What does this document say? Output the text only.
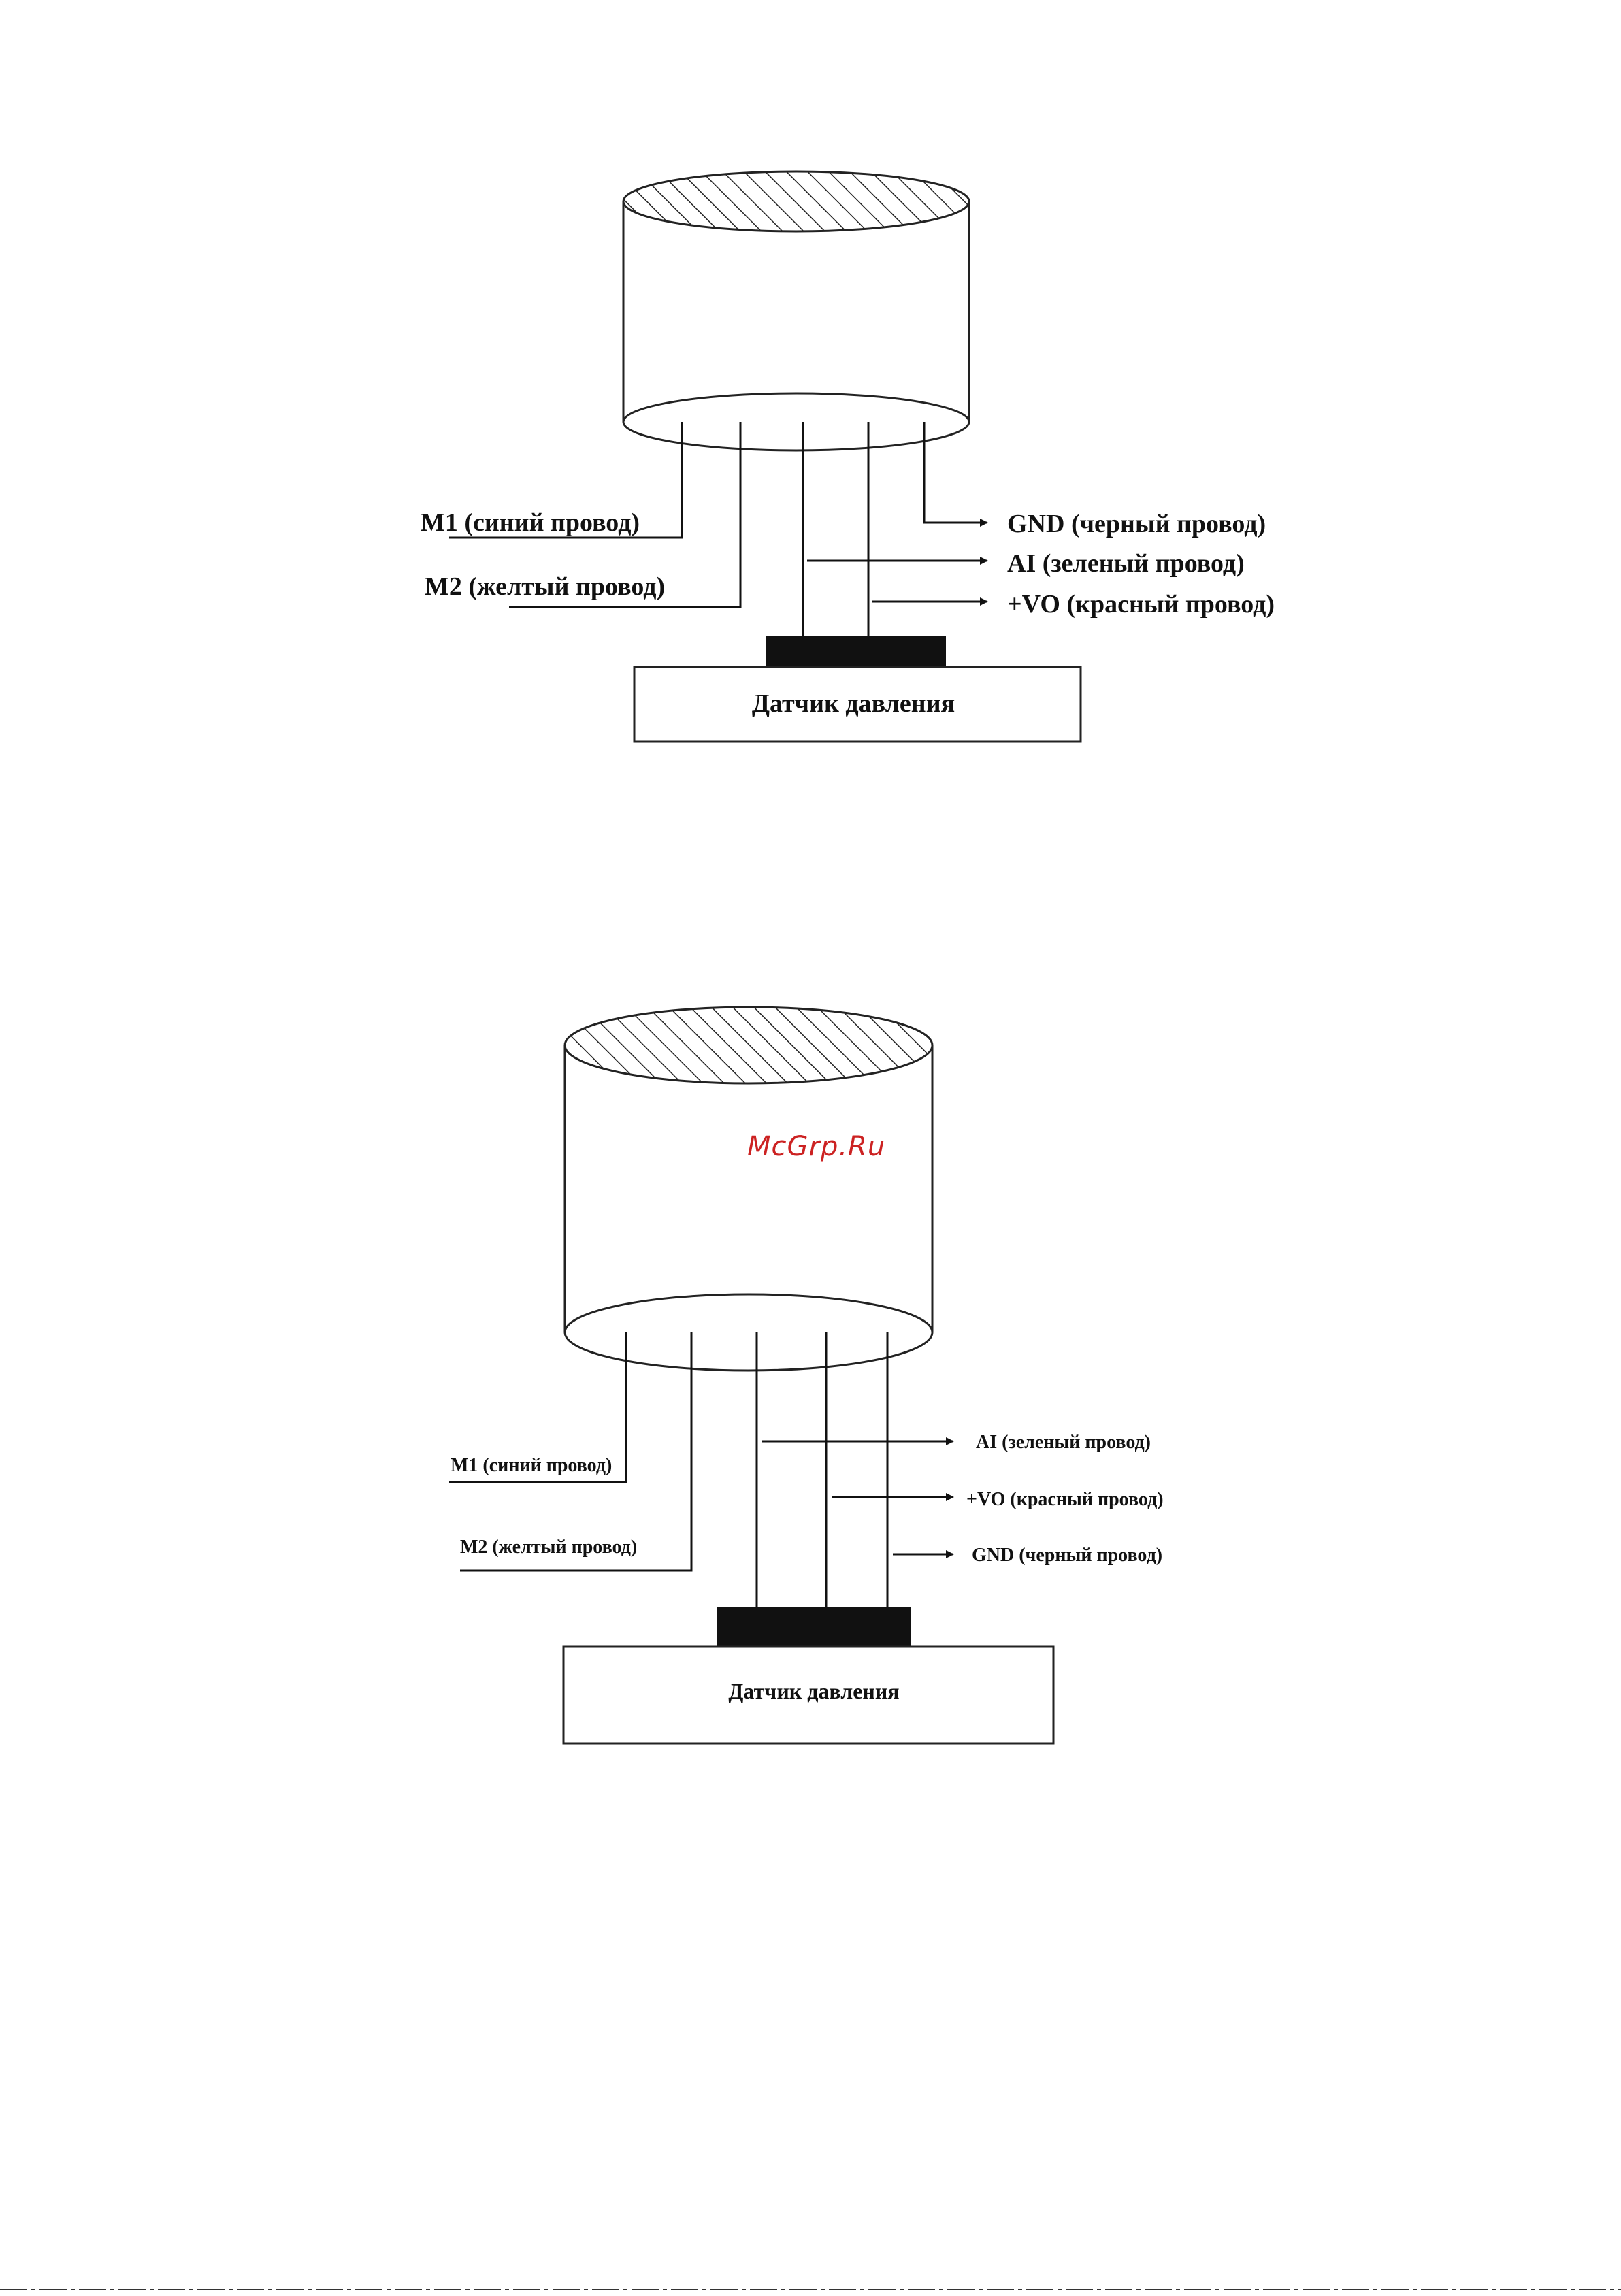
M1 (синий провод)
M2 (желтый провод)
GND (черный провод)
AI (зеленый провод)
+VO (красный провод)
Датчик давления
McGrp.Ru
M1 (синий провод)
M2 (желтый провод)
AI (зеленый провод)
+VO (красный провод)
GND (черный провод)
Датчик давления
